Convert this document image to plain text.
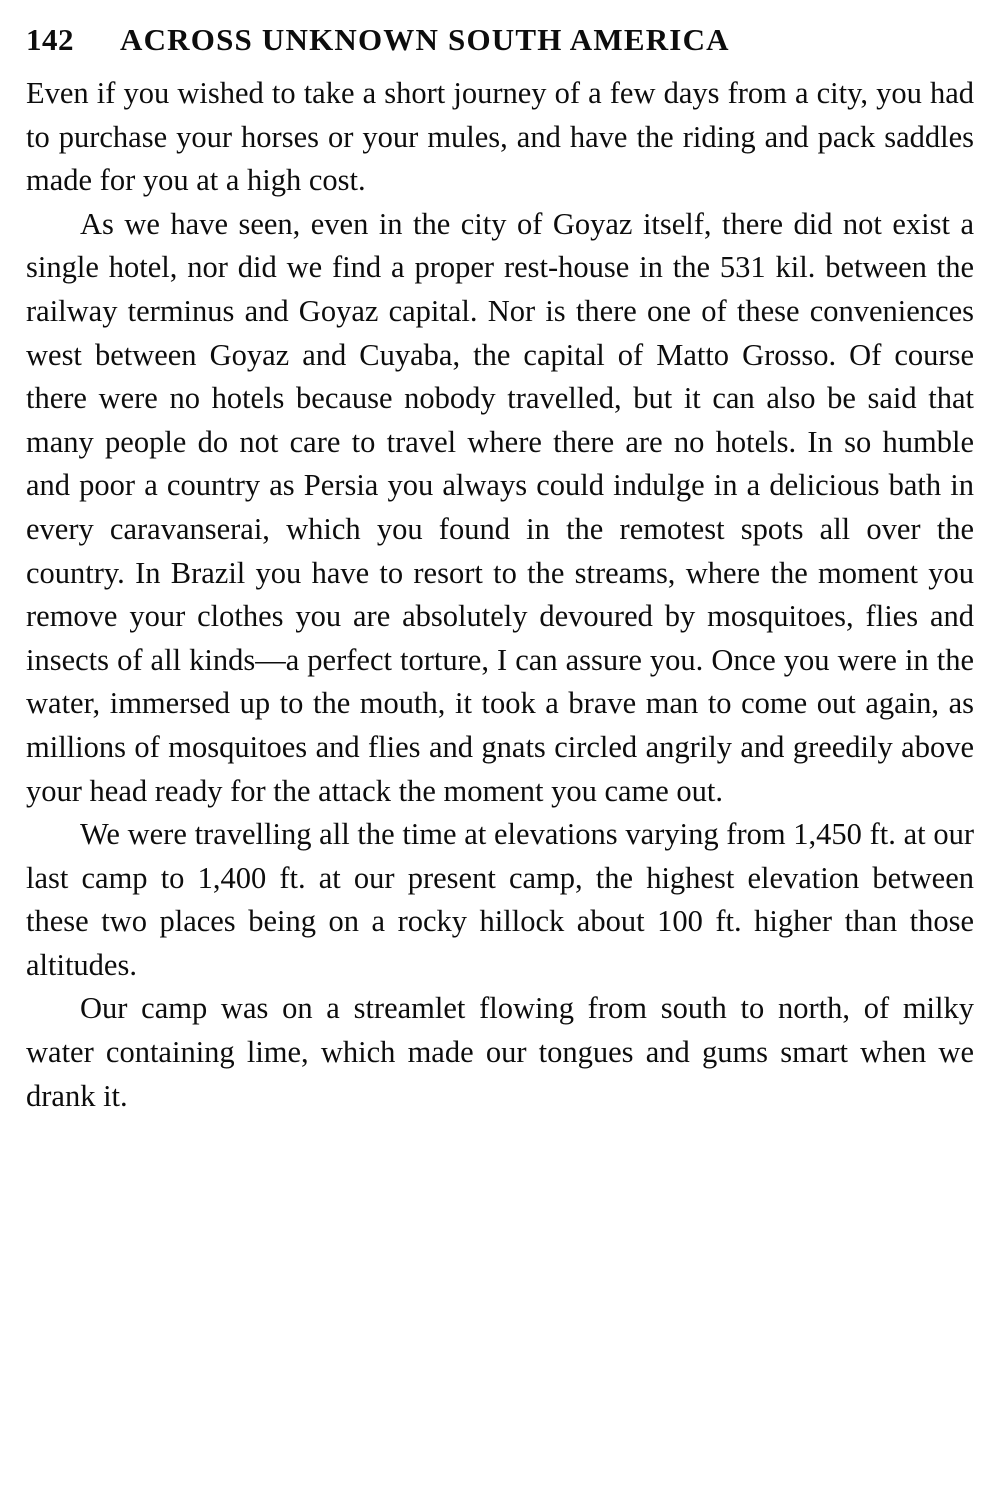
142 ACROSS UNKNOWN SOUTH AMERICA

Even if you wished to take a short journey of a few days from a city, you had to purchase your horses or your mules, and have the riding and pack saddles made for you at a high cost.

As we have seen, even in the city of Goyaz itself, there did not exist a single hotel, nor did we find a proper rest-house in the 531 kil. between the railway terminus and Goyaz capital. Nor is there one of these conveniences west between Goyaz and Cuyaba, the capital of Matto Grosso. Of course there were no hotels because nobody travelled, but it can also be said that many people do not care to travel where there are no hotels. In so humble and poor a country as Persia you always could indulge in a delicious bath in every caravanserai, which you found in the remotest spots all over the country. In Brazil you have to resort to the streams, where the moment you remove your clothes you are absolutely devoured by mosquitoes, flies and insects of all kinds—a perfect torture, I can assure you. Once you were in the water, immersed up to the mouth, it took a brave man to come out again, as millions of mosquitoes and flies and gnats circled angrily and greedily above your head ready for the attack the moment you came out.

We were travelling all the time at elevations varying from 1,450 ft. at our last camp to 1,400 ft. at our present camp, the highest elevation between these two places being on a rocky hillock about 100 ft. higher than those altitudes.

Our camp was on a streamlet flowing from south to north, of milky water containing lime, which made our tongues and gums smart when we drank it.
